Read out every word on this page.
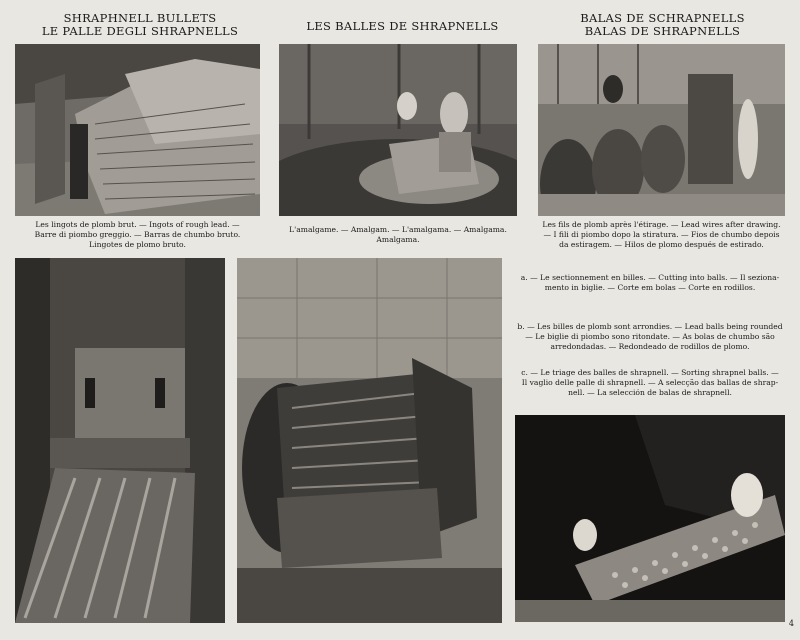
SHRAPHNELL BULLETS
LE PALLE DEGLI SHRAPNELLS	LES BALLES DE SHRAPNELLS
BALAS DE SCHRAPNELLS
BALAS DE SHRAPNELLS
Les lingots de plomb brut. — Ingots of rough lead. —
Barre di piombo greggio. — Barras de chumbo bruto.
Lingotes de plomo bruto.
L'amalgame. — Amalgam. — L'amalgama. — Amalgama.
Amalgama.
Les fils de plomb après l'étirage. — Lead wires after drawing.
— I fili di piombo dopo la stiratura. — Fios de chumbo depois
da estiragem. — Hilos de plomo después de estirado.
a. — Le sectionnement en billes. — Cutting into balls. — Il seziona-
mento in biglie. — Corte em bolas — Corte en rodillos.
b. — Les billes de plomb sont arrondies. — Lead balls being rounded
— Le biglie di piombo sono ritondate. — As bolas de chumbo são
arredondadas. — Redondeado de rodillos de plomo.
c. — Le triage des balles de shrapnell. — Sorting shrapnel balls. —
Il vaglio delle palle di shrapnell. — A selecção das ballas de shrap-
nell. — La selección de balas de shrapnell.
4
